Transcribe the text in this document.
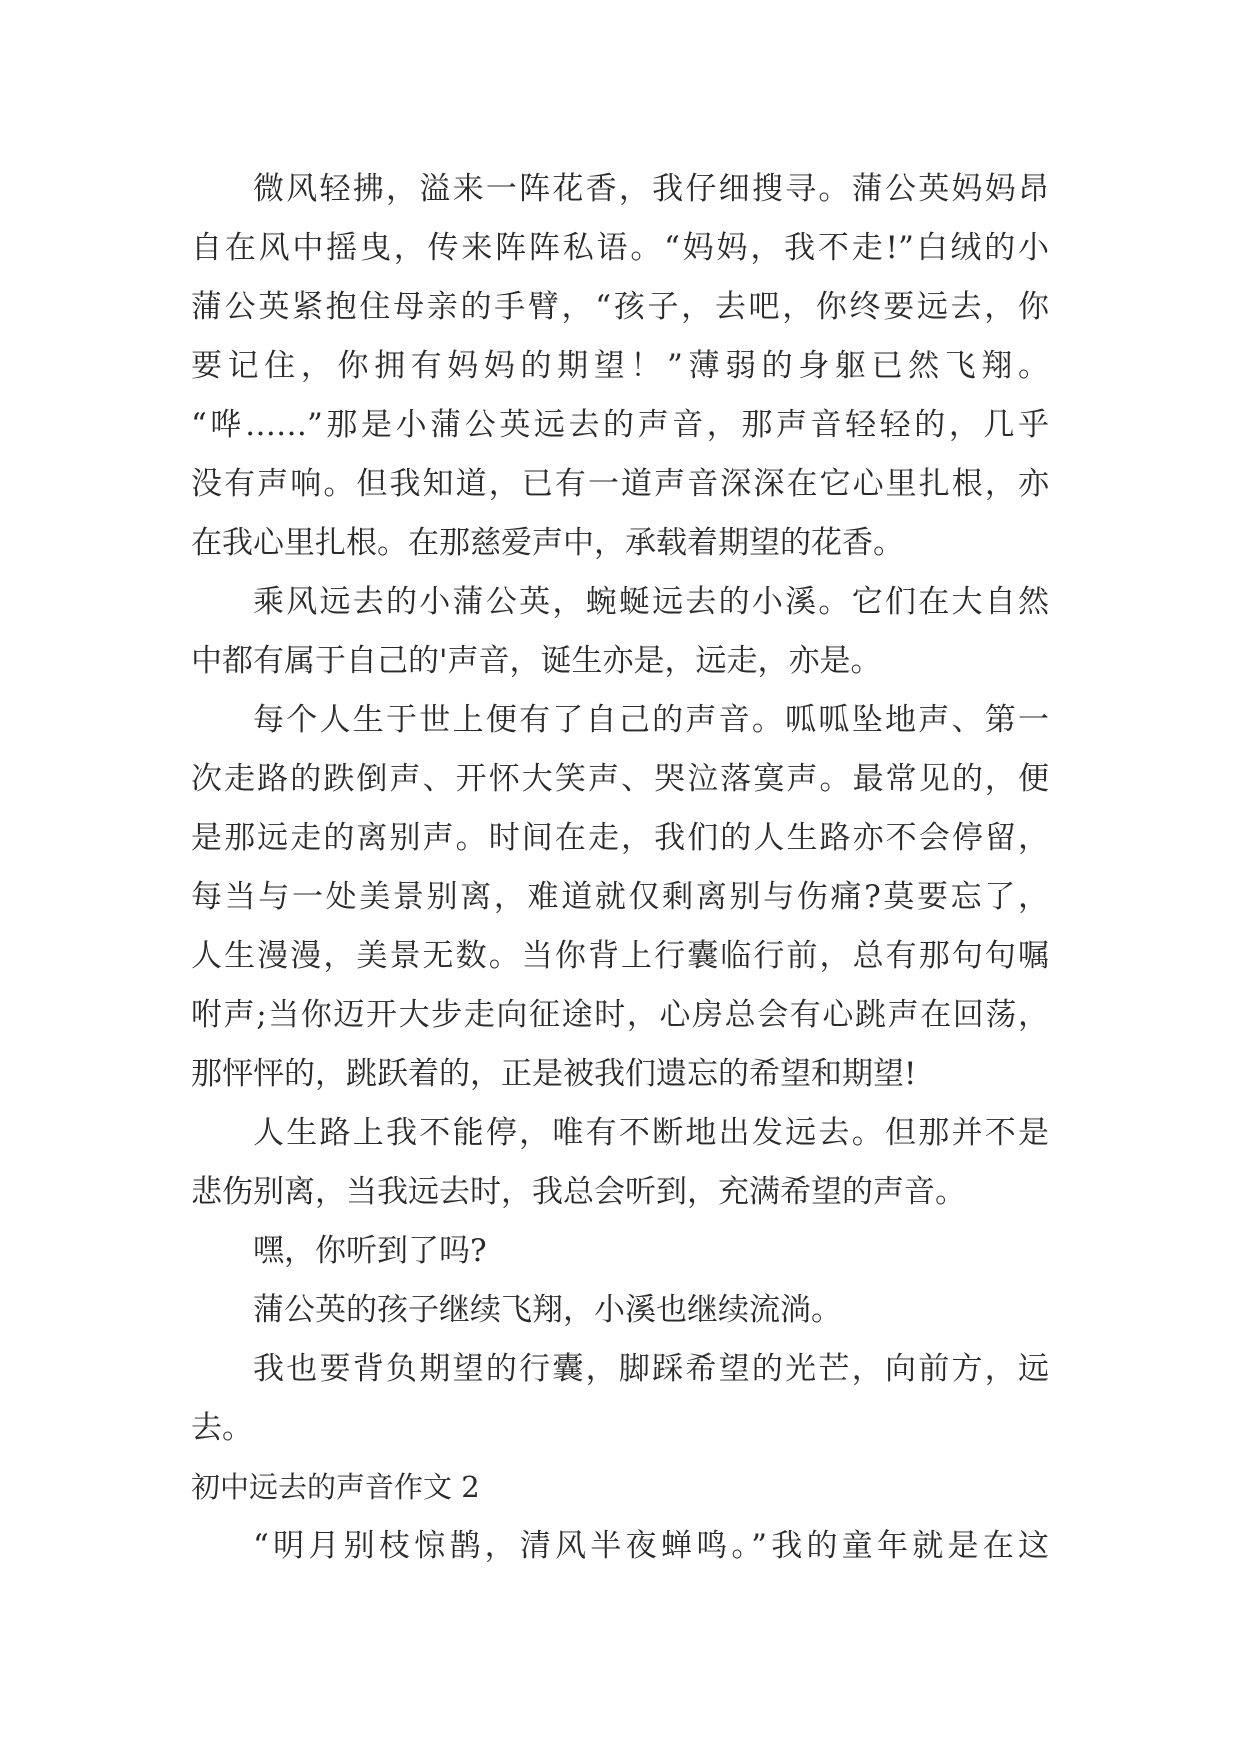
微风轻拂，溢来一阵花香，我仔细搜寻。蒲公英妈妈昂
自在风中摇曳，传来阵阵私语。“妈妈，我不走!”白绒的小
蒲公英紧抱住母亲的手臂，“孩子，去吧，你终要远去，你
要记住，你拥有妈妈的期望！”薄弱的身躯已然飞翔。
“哗……”那是小蒲公英远去的声音，那声音轻轻的，几乎
没有声响。但我知道，已有一道声音深深在它心里扎根，亦
在我心里扎根。在那慈爱声中，承载着期望的花香。
乘风远去的小蒲公英，蜿蜒远去的小溪。它们在大自然
中都有属于自己的'声音，诞生亦是，远走，亦是。
每个人生于世上便有了自己的声音。呱呱坠地声、第一
次走路的跌倒声、开怀大笑声、哭泣落寞声。最常见的，便
是那远走的离别声。时间在走，我们的人生路亦不会停留，
每当与一处美景别离，难道就仅剩离别与伤痛?莫要忘了，
人生漫漫，美景无数。当你背上行囊临行前，总有那句句嘱
咐声;当你迈开大步走向征途时，心房总会有心跳声在回荡，
那怦怦的，跳跃着的，正是被我们遗忘的希望和期望!
人生路上我不能停，唯有不断地出发远去。但那并不是
悲伤别离，当我远去时，我总会听到，充满希望的声音。
嘿，你听到了吗?
蒲公英的孩子继续飞翔，小溪也继续流淌。
我也要背负期望的行囊，脚踩希望的光芒，向前方，远
去。
初中远去的声音作文 2
“明月别枝惊鹊，清风半夜蝉鸣。”我的童年就是在这
